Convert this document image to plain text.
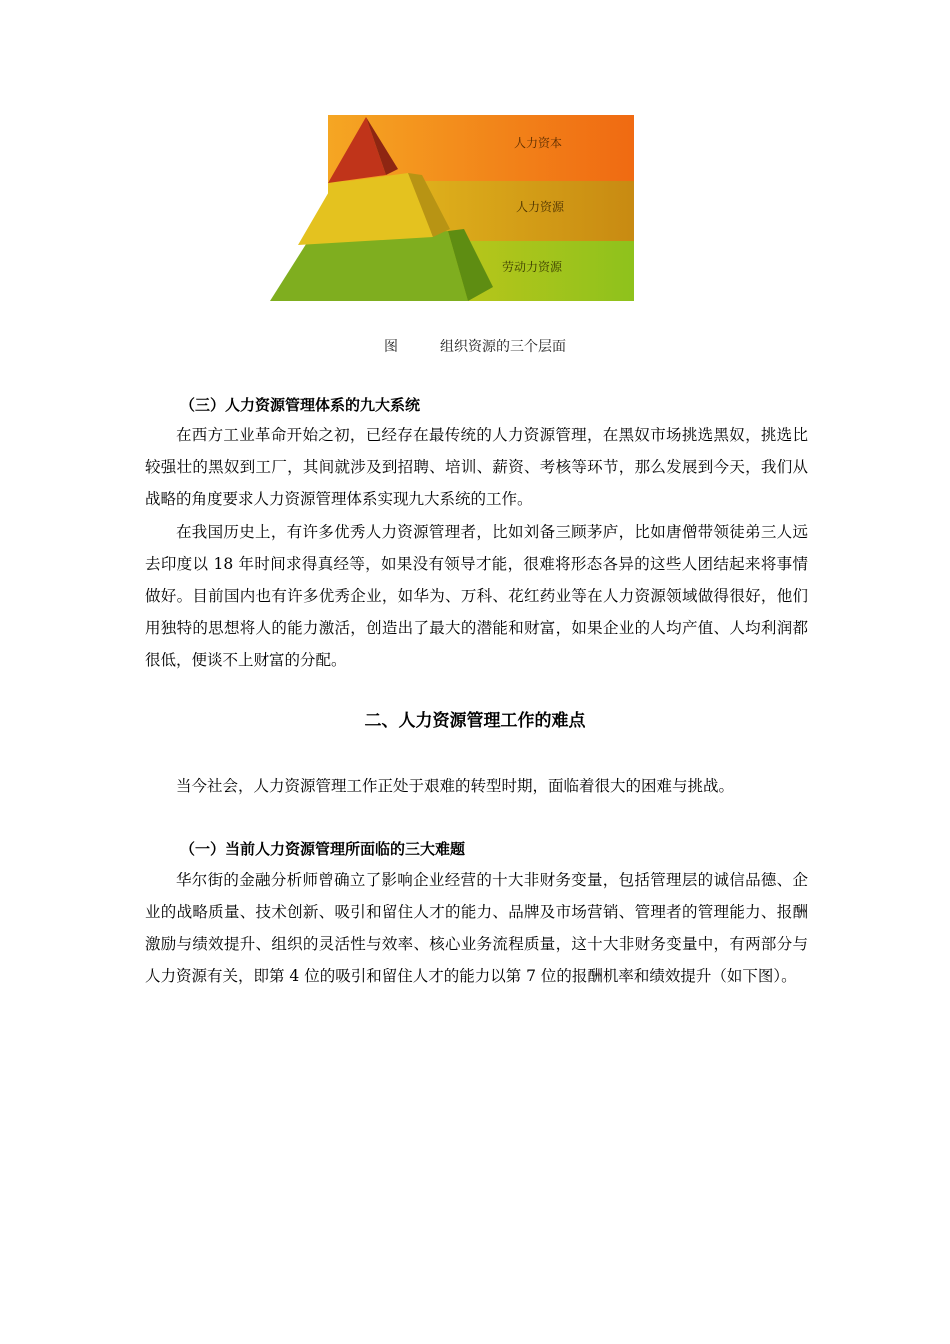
人力资本
人力资源
劳动力资源
图	组织资源的三个层面
（三）人力资源管理体系的九大系统

在西方工业革命开始之初，已经存在最传统的人力资源管理，在黑奴市场挑选黑奴，挑选比较强壮的黑奴到工厂，其间就涉及到招聘、培训、薪资、考核等环节，那么发展到今天，我们从战略的角度要求人力资源管理体系实现九大系统的工作。

在我国历史上，有许多优秀人力资源管理者，比如刘备三顾茅庐，比如唐僧带领徒弟三人远去印度以 18 年时间求得真经等，如果没有领导才能，很难将形态各异的这些人团结起来将事情做好。目前国内也有许多优秀企业，如华为、万科、花红药业等在人力资源领域做得很好，他们用独特的思想将人的能力激活，创造出了最大的潜能和财富，如果企业的人均产值、人均利润都很低，便谈不上财富的分配。

二、人力资源管理工作的难点

当今社会，人力资源管理工作正处于艰难的转型时期，面临着很大的困难与挑战。

（一）当前人力资源管理所面临的三大难题

华尔街的金融分析师曾确立了影响企业经营的十大非财务变量，包括管理层的诚信品德、企业的战略质量、技术创新、吸引和留住人才的能力、品牌及市场营销、管理者的管理能力、报酬激励与绩效提升、组织的灵活性与效率、核心业务流程质量，这十大非财务变量中，有两部分与人力资源有关，即第 4 位的吸引和留住人才的能力以第 7 位的报酬机率和绩效提升（如下图）。
